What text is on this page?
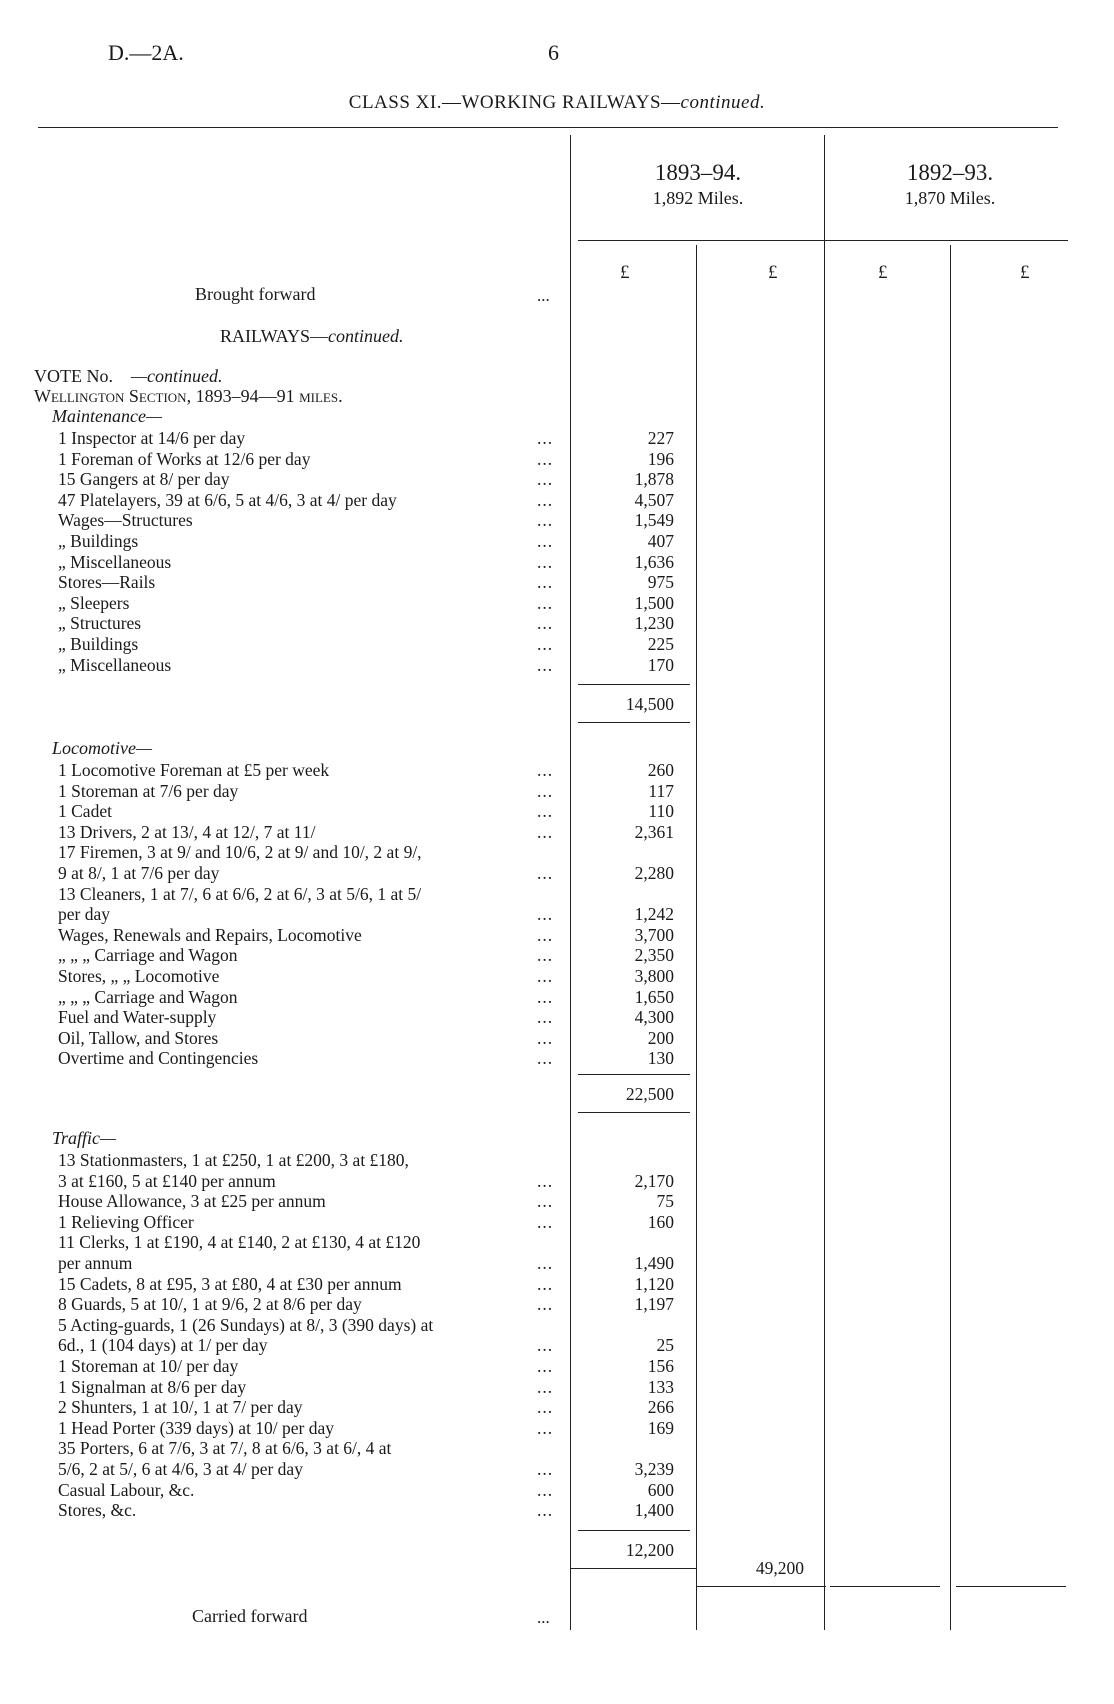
D.—2A.	6
CLASS XI.—WORKING RAILWAYS—continued.
1893–94.
1,892 Miles.
1892–93.
1,870 Miles.
£	£	£	£
Brought forward	...
RAILWAYS—continued.
VOTE No. —continued.
Wellington Section, 1893–94—91 miles.
Maintenance—
1 Inspector at 14/6 per day	...	227
1 Foreman of Works at 12/6 per day	...	196
15 Gangers at 8/ per day	...	1,878
47 Platelayers, 39 at 6/6, 5 at 4/6, 3 at 4/ per day	...	4,507
Wages—Structures	...	1,549
„ Buildings	...	407
„ Miscellaneous	...	1,636
Stores—Rails	...	975
„ Sleepers	...	1,500
„ Structures	...	1,230
„ Buildings	...	225
„ Miscellaneous	...	170
14,500
Locomotive—
1 Locomotive Foreman at £5 per week	...	260
1 Storeman at 7/6 per day	...	117
1 Cadet	...	110
13 Drivers, 2 at 13/, 4 at 12/, 7 at 11/	...	2,361
17 Firemen, 3 at 9/ and 10/6, 2 at 9/ and 10/, 2 at 9/,
9 at 8/, 1 at 7/6 per day	...	2,280
13 Cleaners, 1 at 7/, 6 at 6/6, 2 at 6/, 3 at 5/6, 1 at 5/
per day	...	1,242
Wages, Renewals and Repairs, Locomotive	...	3,700
„ „ „ Carriage and Wagon	...	2,350
Stores, „ „ Locomotive	...	3,800
„ „ „ Carriage and Wagon	...	1,650
Fuel and Water-supply	...	4,300
Oil, Tallow, and Stores	...	200
Overtime and Contingencies	...	130
22,500
Traffic—
13 Stationmasters, 1 at £250, 1 at £200, 3 at £180,
3 at £160, 5 at £140 per annum	...	2,170
House Allowance, 3 at £25 per annum	...	75
1 Relieving Officer	...	160
11 Clerks, 1 at £190, 4 at £140, 2 at £130, 4 at £120
per annum	...	1,490
15 Cadets, 8 at £95, 3 at £80, 4 at £30 per annum	...	1,120
8 Guards, 5 at 10/, 1 at 9/6, 2 at 8/6 per day	...	1,197
5 Acting-guards, 1 (26 Sundays) at 8/, 3 (390 days) at
6d., 1 (104 days) at 1/ per day	...	25
1 Storeman at 10/ per day	...	156
1 Signalman at 8/6 per day	...	133
2 Shunters, 1 at 10/, 1 at 7/ per day	...	266
1 Head Porter (339 days) at 10/ per day	...	169
35 Porters, 6 at 7/6, 3 at 7/, 8 at 6/6, 3 at 6/, 4 at
5/6, 2 at 5/, 6 at 4/6, 3 at 4/ per day	...	3,239
Casual Labour, &c.	...	600
Stores, &c.	...	1,400
12,200
49,200
Carried forward	...
